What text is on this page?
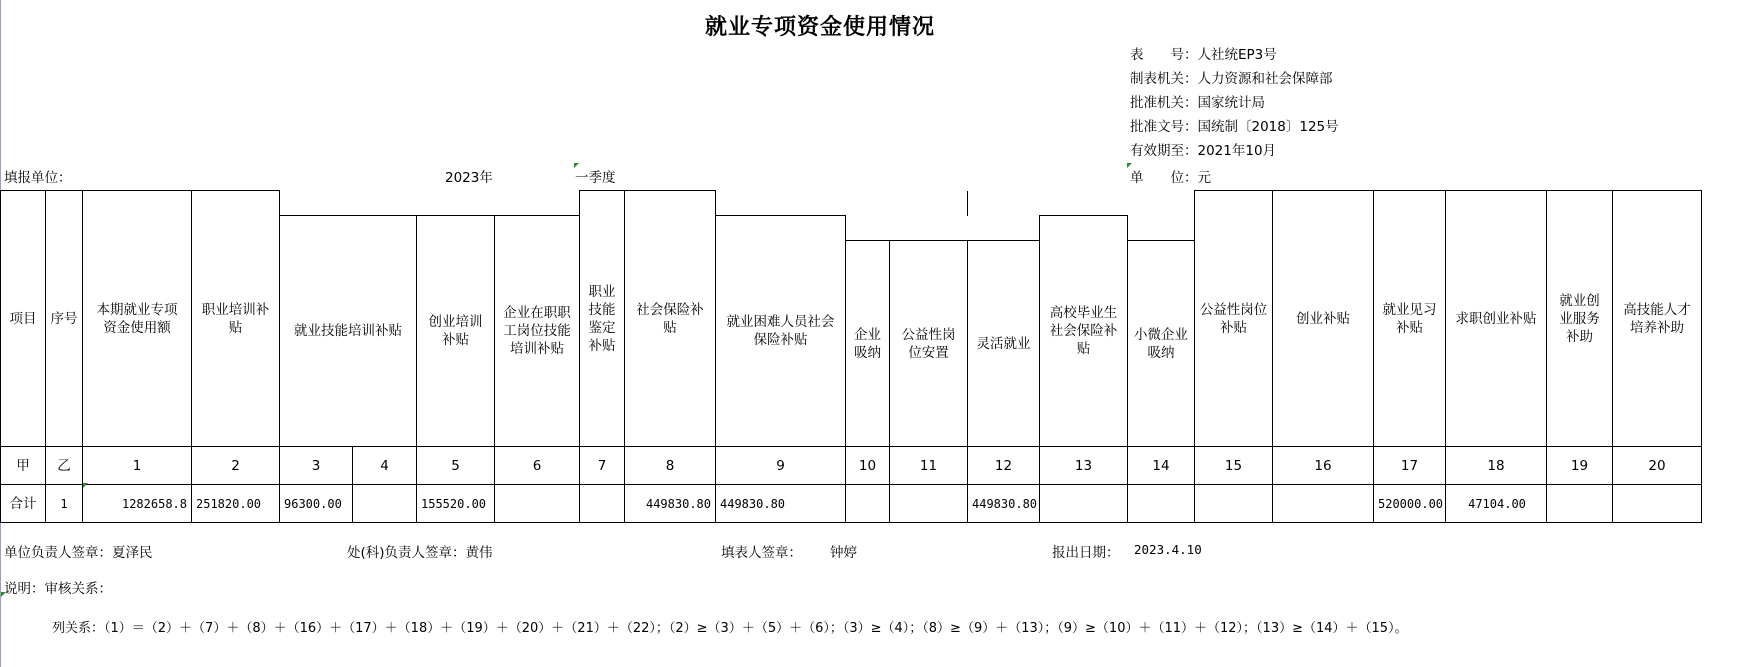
就业专项资金使用情况
表　　号：人社统EP3号
制表机关：人力资源和社会保障部
批准机关：国家统计局
批准文号：国统制〔2018〕125号
有效期至：2021年10月
填报单位：	2023年	一季度	单　　位：元
项目	序号	本期就业专项资金使用额	职业培训补贴					职业技能鉴定补贴	社会保险补贴							公益性岗位补贴	创业补贴	就业见习补贴	求职创业补贴	就业创业服务补助	高技能人才培养补助	
				就业技能培训补贴		创业培训补贴	企业在职职工岗位技能培训补贴			就业困难人员社会保险补贴				高校毕业生社会保险补贴								
											企业吸纳	公益性岗位安置	灵活就业		小微企业吸纳	
甲	乙	1	2	3	4	5	6	7	8	9	10	11	12	13	14	15	16	17	18	19	20		
合计	1	1282658.8	251820.00	96300.00		155520.00			449830.80	449830.80			449830.80					520000.00	47104.00				
单位负责人签章：夏泽民	处(科)负责人签章：黄伟	填表人签章： 钟婷	报出日期： 2023.4.10
说明：审核关系：
列关系：（1）＝（2）＋（7）＋（8）＋（16）＋（17）＋（18）＋（19）＋（20）＋（21）＋（22）；（2）≥（3）＋（5）＋（6）；（3）≥（4）；（8）≥（9）＋（13）；（9）≥（10）＋（11）＋（12）；（13）≥（14）＋（15）。
